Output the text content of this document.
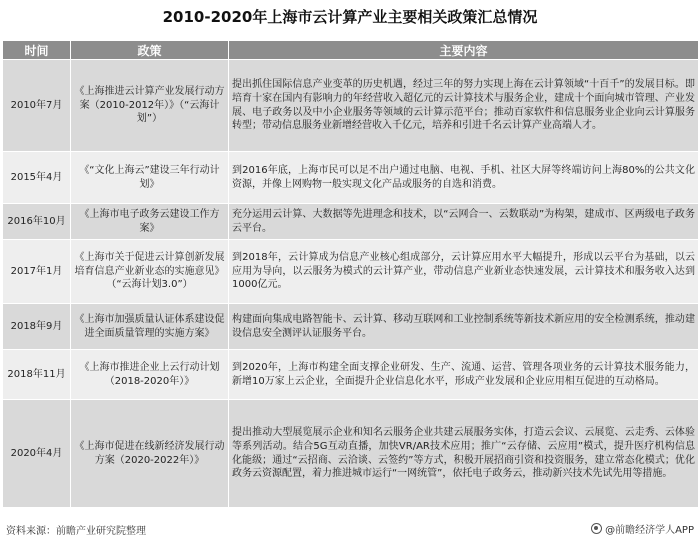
2010-2020年上海市云计算产业主要相关政策汇总情况
时间	政策	主要内容
2010年7月	《上海推进云计算产业发展行动方案（2010-2012年）》（“云海计划”）	提出抓住国际信息产业变革的历史机遇，经过三年的努力实现上海在云计算领域“十百千”的发展目标。即培育十家在国内有影响力的年经营收入超亿元的云计算技术与服务企业，建成十个面向城市管理、产业发展、电子政务以及中小企业服务等领域的云计算示范平台；推动百家软件和信息服务业企业向云计算服务转型；带动信息服务业新增经营收入千亿元，培养和引进千名云计算产业高端人才。
2015年4月	《“文化上海云”建设三年行动计划》	到2016年底，上海市民可以足不出户通过电脑、电视、手机、社区大屏等终端访问上海80%的公共文化资源，并像上网购物一般实现文化产品或服务的自选和消费。
2016年10月	《上海市电子政务云建设工作方案》	充分运用云计算、大数据等先进理念和技术，以“云网合一、云数联动”为构架，建成市、区两级电子政务云平台。
2017年1月	《上海市关于促进云计算创新发展培育信息产业新业态的实施意见》（“云海计划3.0”）	到2018年，云计算成为信息产业核心组成部分，云计算应用水平大幅提升，形成以云平台为基础，以云应用为导向，以云服务为模式的云计算产业，带动信息产业新业态快速发展，云计算技术和服务收入达到1000亿元。
2018年9月	《上海市加强质量认证体系建设促进全面质量管理的实施方案》	构建面向集成电路智能卡、云计算、移动互联网和工业控制系统等新技术新应用的安全检测系统，推动建设信息安全测评认证服务平台。
2018年11月	《上海市推进企业上云行动计划（2018-2020年）》	到2020年，上海市构建全面支撑企业研发、生产、流通、运营、管理各项业务的云计算技术服务能力，新增10万家上云企业，全面提升企业信息化水平，形成产业发展和企业应用相互促进的互动格局。
2020年4月	《上海市促进在线新经济发展行动方案（2020-2022年）》	提出推动大型展览展示企业和知名云服务企业共建云展服务实体，打造云会议、云展览、云走秀、云体验等系列活动。结合5G互动直播，加快VR/AR技术应用；推广“云存储、云应用”模式，提升医疗机构信息化能级；通过“云招商、云洽谈、云签约”等方式，积极开展招商引资和投资服务，建立常态化模式；优化政务云资源配置，着力推进城市运行“一网统管”，依托电子政务云，推动新兴技术先试先用等措施。
资料来源：前瞻产业研究院整理	@前瞻经济学人APP
